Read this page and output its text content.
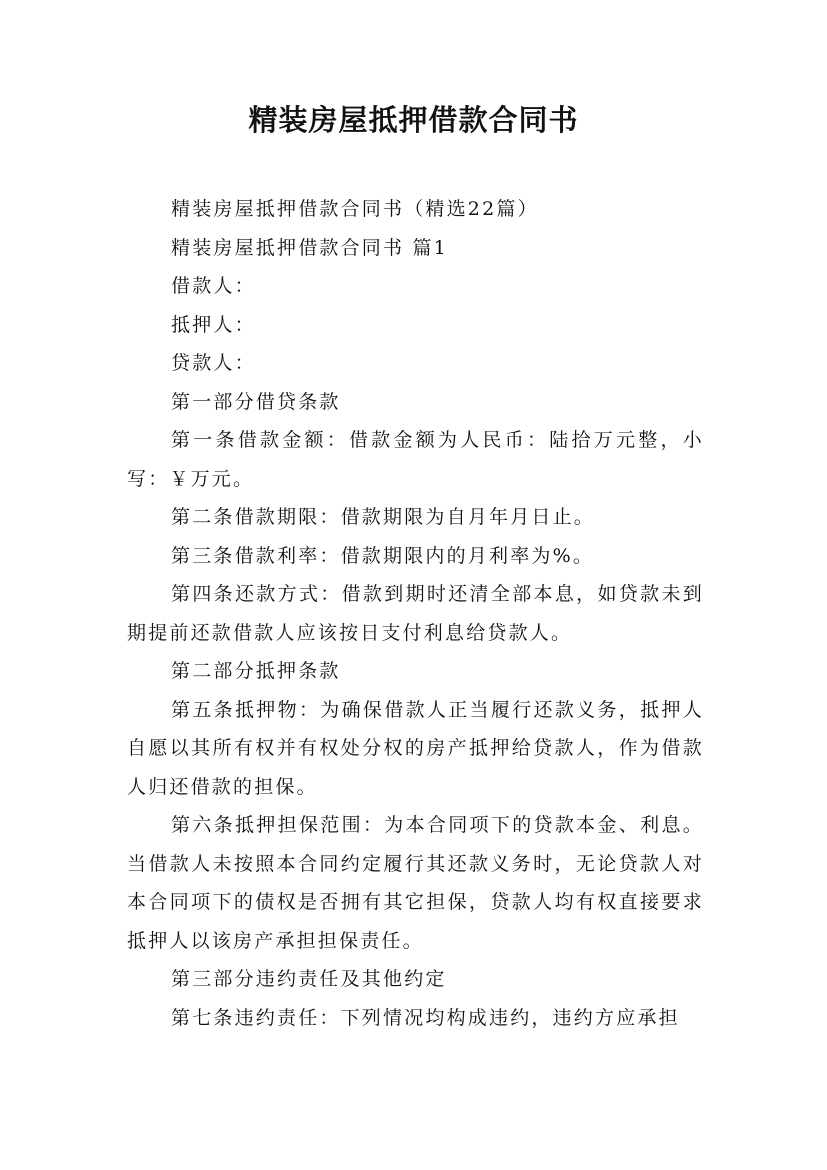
精装房屋抵押借款合同书

精装房屋抵押借款合同书（精选22篇）

精装房屋抵押借款合同书 篇1

借款人：

抵押人：

贷款人：

第一部分借贷条款

第一条借款金额：借款金额为人民币：陆拾万元整，小写：￥万元。

第二条借款期限：借款期限为自月年月日止。

第三条借款利率：借款期限内的月利率为%。

第四条还款方式：借款到期时还清全部本息，如贷款未到期提前还款借款人应该按日支付利息给贷款人。

第二部分抵押条款

第五条抵押物：为确保借款人正当履行还款义务，抵押人自愿以其所有权并有权处分权的房产抵押给贷款人，作为借款人归还借款的担保。

第六条抵押担保范围：为本合同项下的贷款本金、利息。当借款人未按照本合同约定履行其还款义务时，无论贷款人对本合同项下的债权是否拥有其它担保，贷款人均有权直接要求抵押人以该房产承担担保责任。

第三部分违约责任及其他约定

第七条违约责任：下列情况均构成违约，违约方应承担
